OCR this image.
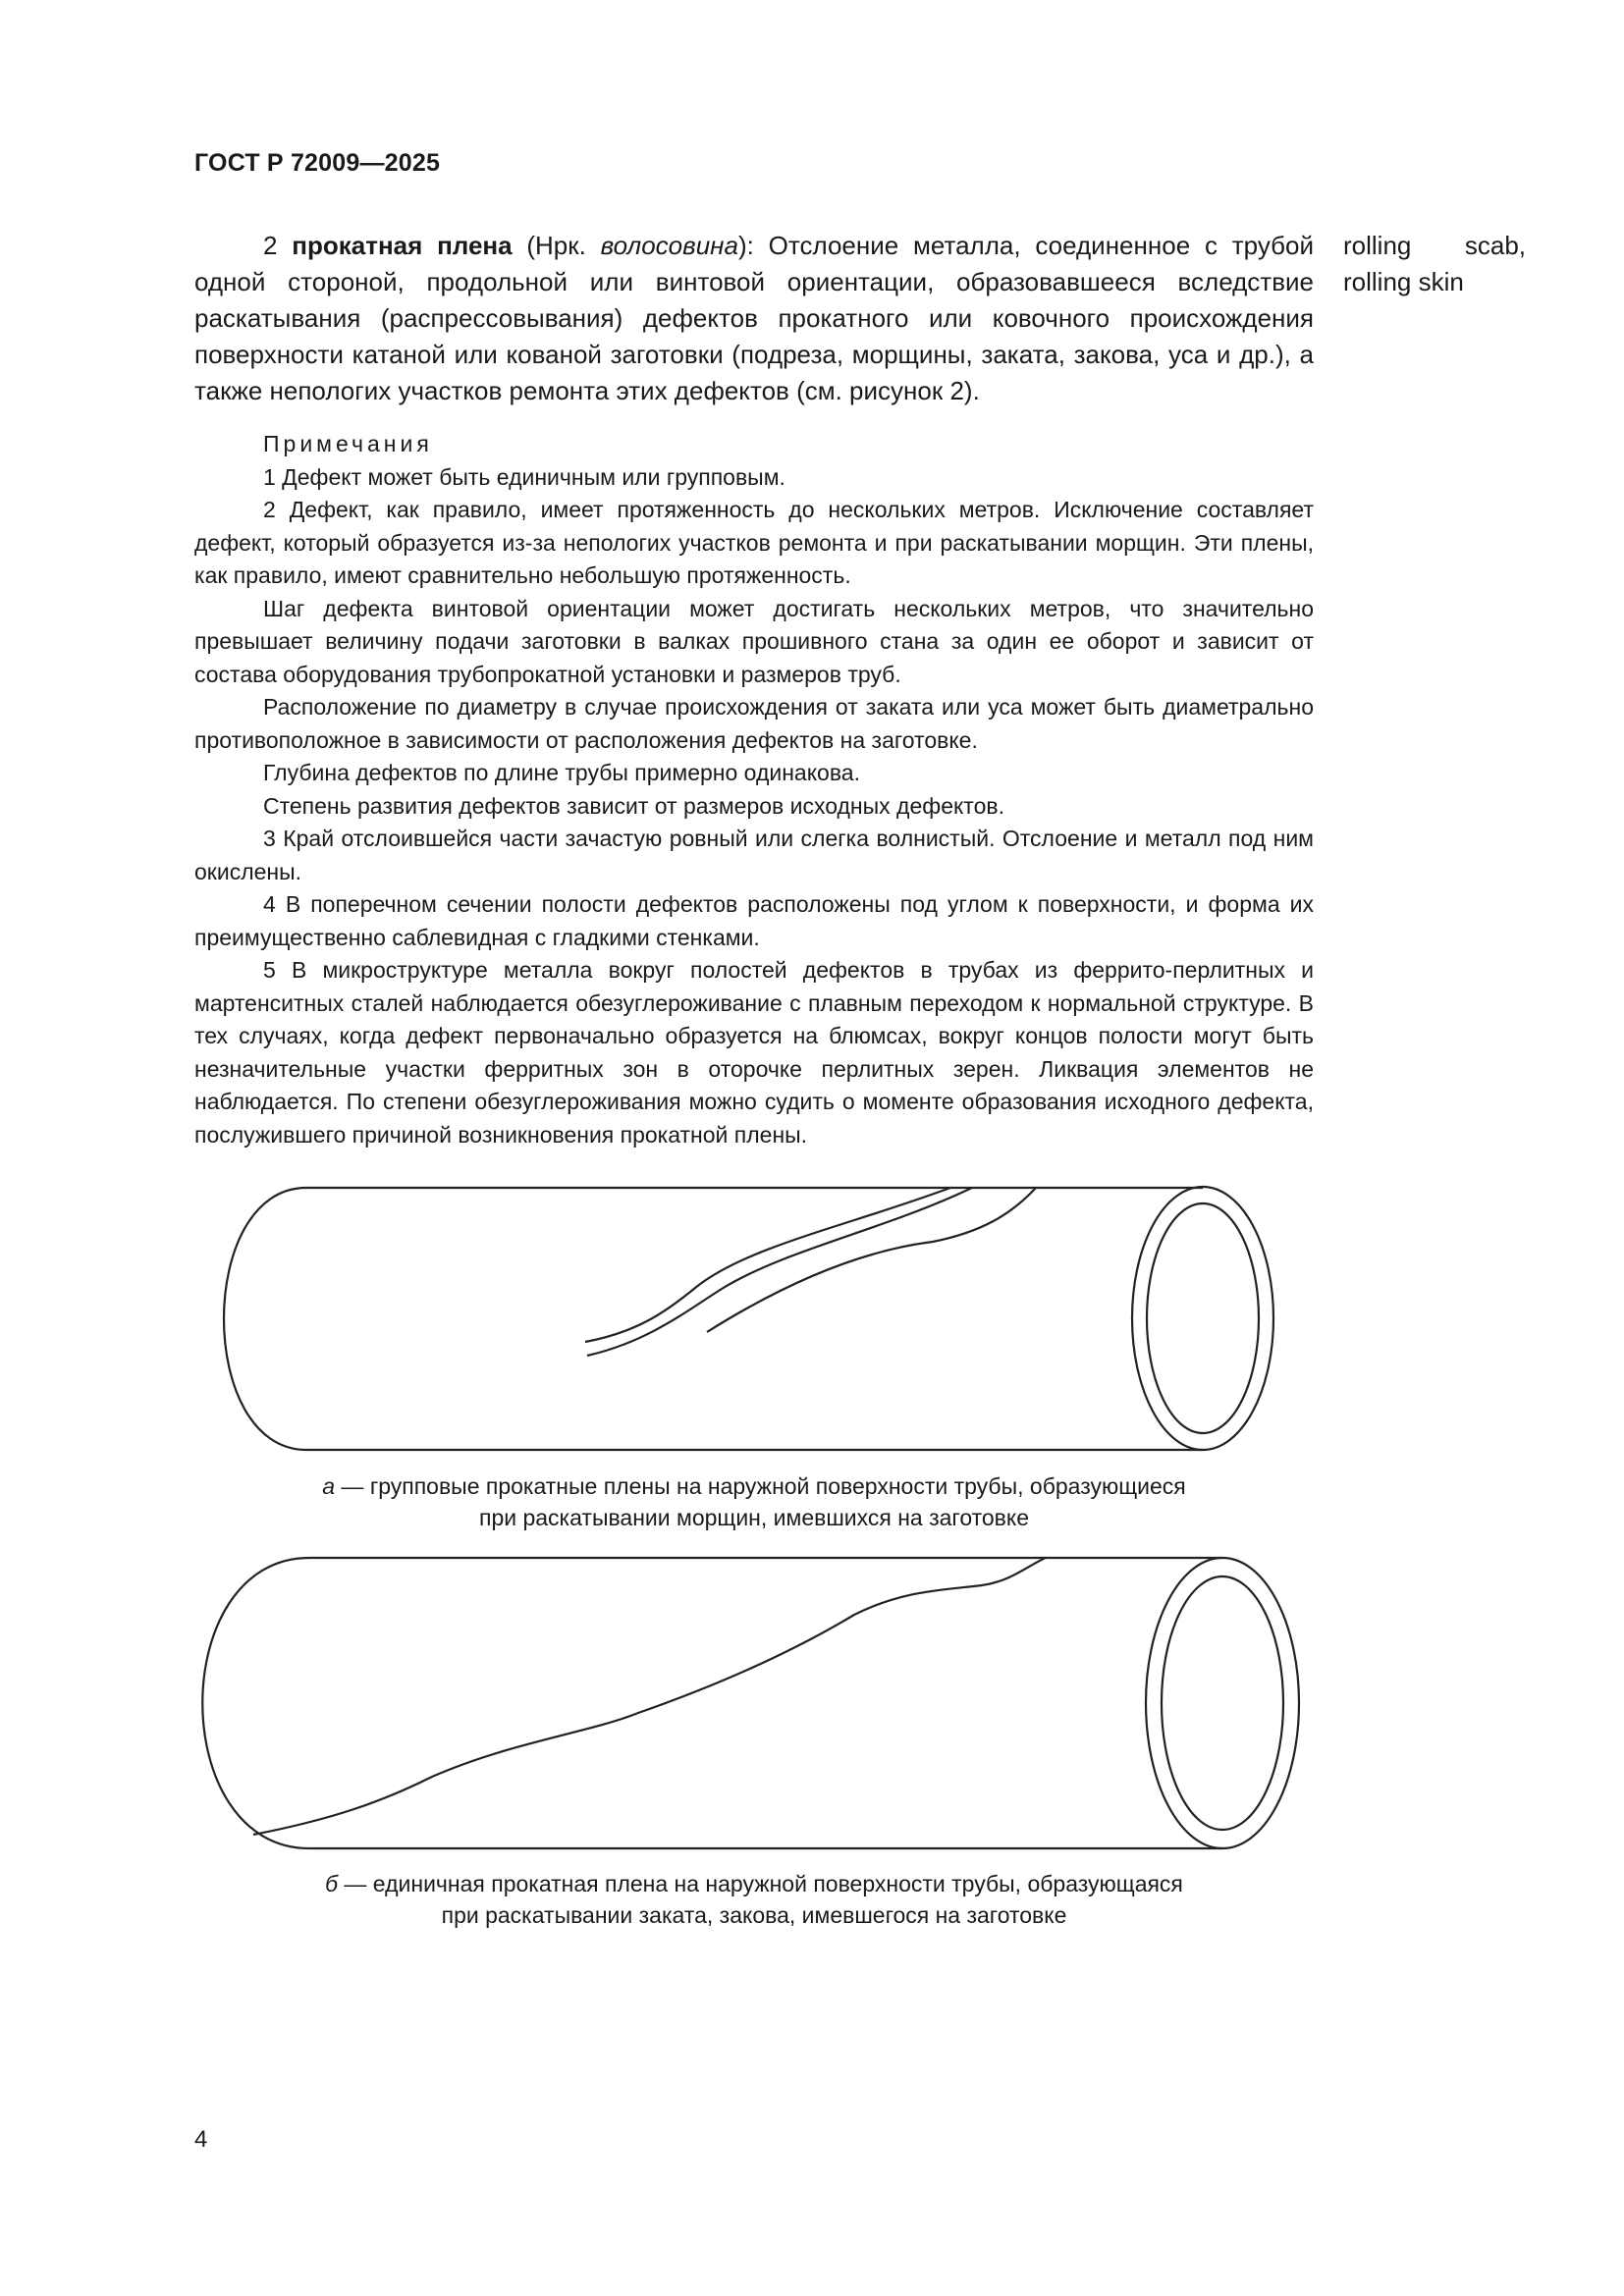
ГОСТ Р 72009—2025
2 прокатная плена (Нрк. волосовина): Отслоение металла, соединенное с трубой одной стороной, продольной или винтовой ориентации, образовавшееся вследствие раскатывания (распрессовывания) дефектов прокатного или ковочного происхождения поверхности катаной или кованой заготовки (подреза, морщины, заката, закова, уса и др.), а также непологих участков ремонта этих дефектов (см. рисунок 2).
rolling scab, rolling skin

Примечания

1 Дефект может быть единичным или групповым.

2 Дефект, как правило, имеет протяженность до нескольких метров. Исключение составляет дефект, который образуется из-за непологих участков ремонта и при раскатывании морщин. Эти плены, как правило, имеют сравнительно небольшую протяженность.

Шаг дефекта винтовой ориентации может достигать нескольких метров, что значительно превышает величину подачи заготовки в валках прошивного стана за один ее оборот и зависит от состава оборудования трубопрокатной установки и размеров труб.

Расположение по диаметру в случае происхождения от заката или уса может быть диаметрально противоположное в зависимости от расположения дефектов на заготовке.

Глубина дефектов по длине трубы примерно одинакова.

Степень развития дефектов зависит от размеров исходных дефектов.

3 Край отслоившейся части зачастую ровный или слегка волнистый. Отслоение и металл под ним окислены.

4 В поперечном сечении полости дефектов расположены под углом к поверхности, и форма их преимущественно саблевидная с гладкими стенками.

5 В микроструктуре металла вокруг полостей дефектов в трубах из феррито-перлитных и мартенситных сталей наблюдается обезуглероживание с плавным переходом к нормальной структуре. В тех случаях, когда дефект первоначально образуется на блюмсах, вокруг концов полости могут быть незначительные участки ферритных зон в оторочке перлитных зерен. Ликвация элементов не наблюдается. По степени обезуглероживания можно судить о моменте образования исходного дефекта, послужившего причиной возникновения прокатной плены.

а — групповые прокатные плены на наружной поверхности трубы, образующиеся
при раскатывании морщин, имевшихся на заготовке
б — единичная прокатная плена на наружной поверхности трубы, образующаяся
при раскатывании заката, закова, имевшегося на заготовке
4
